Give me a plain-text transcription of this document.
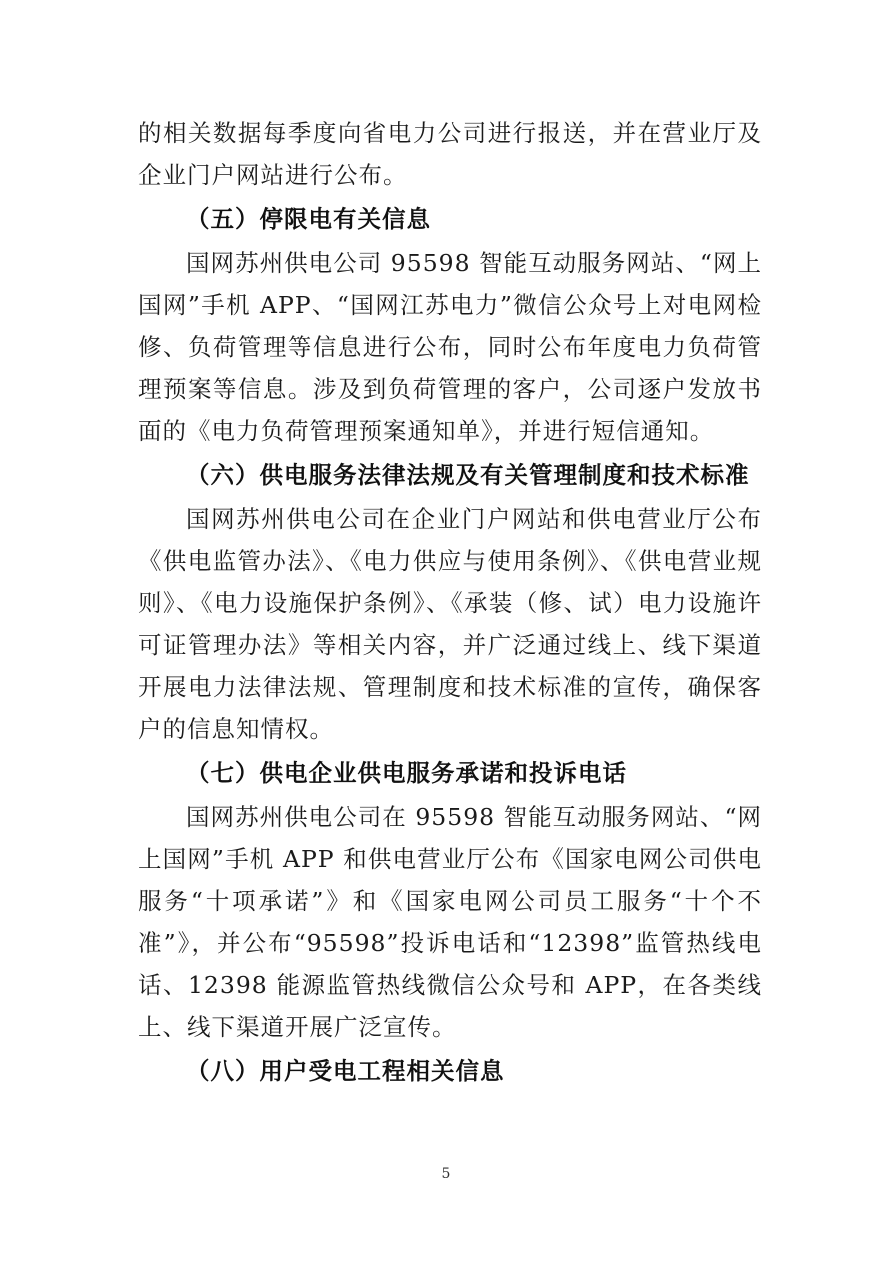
的相关数据每季度向省电力公司进行报送，并在营业厅及企业门户网站进行公布。

（五）停限电有关信息

国网苏州供电公司 95598 智能互动服务网站、“网上国网”手机 APP、“国网江苏电力”微信公众号上对电网检修、负荷管理等信息进行公布，同时公布年度电力负荷管理预案等信息。涉及到负荷管理的客户，公司逐户发放书面的《电力负荷管理预案通知单》，并进行短信通知。

（六）供电服务法律法规及有关管理制度和技术标准

国网苏州供电公司在企业门户网站和供电营业厅公布《供电监管办法》、《电力供应与使用条例》、《供电营业规则》、《电力设施保护条例》、《承装（修、试）电力设施许可证管理办法》等相关内容，并广泛通过线上、线下渠道开展电力法律法规、管理制度和技术标准的宣传，确保客户的信息知情权。

（七）供电企业供电服务承诺和投诉电话

国网苏州供电公司在 95598 智能互动服务网站、“网上国网”手机 APP 和供电营业厅公布《国家电网公司供电服务“十项承诺”》和《国家电网公司员工服务“十个不准”》，并公布“95598”投诉电话和“12398”监管热线电话、12398 能源监管热线微信公众号和 APP，在各类线上、线下渠道开展广泛宣传。

（八）用户受电工程相关信息
5
